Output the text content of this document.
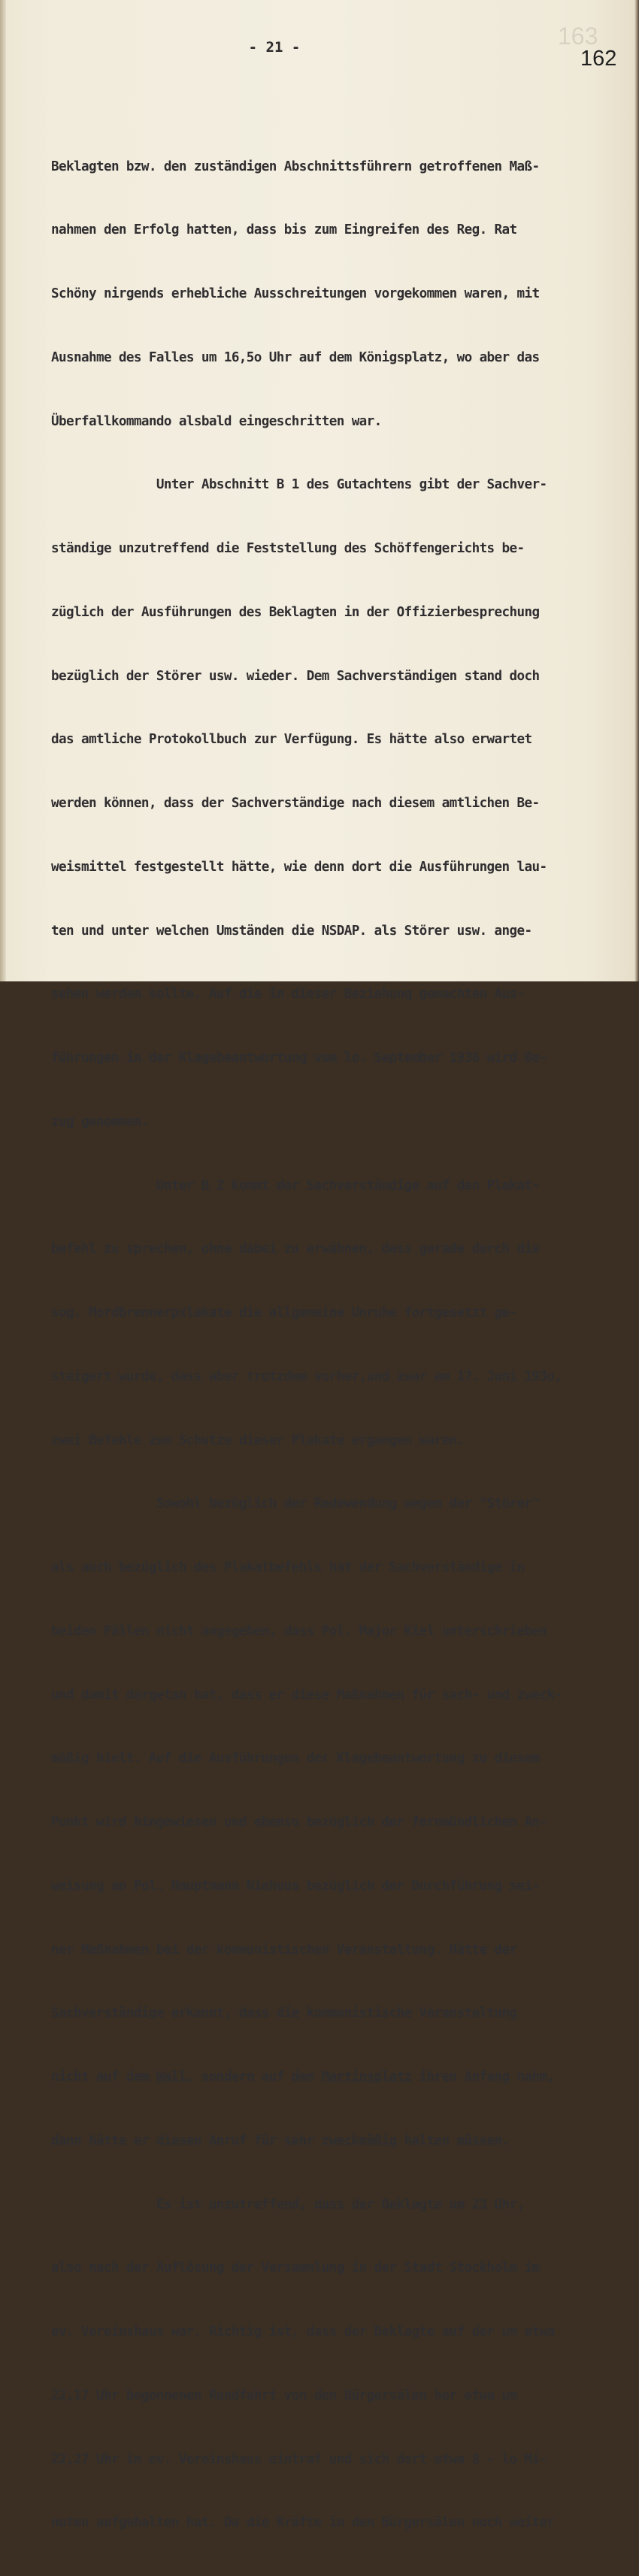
163
- 21 -	162

Beklagten bzw. den zuständigen Abschnittsführern getroffenen Maß-

nahmen den Erfolg hatten, dass bis zum Eingreifen des Reg. Rat

Schöny nirgends erhebliche Ausschreitungen vorgekommen waren, mit

Ausnahme des Falles um 16,5o Uhr auf dem Königsplatz, wo aber das

Überfallkommando alsbald eingeschritten war.

Unter Abschnitt B 1 des Gutachtens gibt der Sachver-

ständige unzutreffend die Feststellung des Schöffengerichts be-

züglich der Ausführungen des Beklagten in der Offizierbesprechung

bezüglich der Störer usw. wieder. Dem Sachverständigen stand doch

das amtliche Protokollbuch zur Verfügung. Es hätte also erwartet

werden können, dass der Sachverständige nach diesem amtlichen Be-

weismittel festgestellt hätte, wie denn dort die Ausführungen lau-

ten und unter welchen Umständen die NSDAP. als Störer usw. ange-

sehen werden sollte. Auf die in dieser Beziehung gemachten Aus-

führungen in der Klagebeantwortung vom lo. September 1936 wird Be-

zug genommen.

Unter B 2 kommt der Sachverständige auf den Plakat-

befehl zu sprechen, ohne dabei zu erwähnen, dass gerade durch die

sog. Mordbrennerpxlakate die allgemeine Unruhe fortgesetzt ge-

steigert wurde, dass aber trotzdem vorher,und zwar am 17. Juni 193o,

zwei Befehle zum Schutze dieser Plakate ergangen waren.

Sowohl bezüglich der Redewendung wegen der "Störer"

als auch bezüglich des Plakatbefehls hat der Sachverständige in

beiden Fällen nicht angegeben, dass Pol. Major Kiel unterschrieben

und damit dargetan hat, dass er diese Maßnahmen für sach- und zweck-

mäßig hielt. Auf die Ausführungen der Klagebeantwortung zu diesem

Punkt wird hingewiesen und ebenso bezüglich der fernmündlichen An-

weisung an Pol. Hauptmann Niehuus bezüglich der Durchführung sei-

ner Maßnahmen bei der kommunistischen Veranstaltung. Hätte der

Sachverständige erkannt, dass die kommunistische Veranstaltung

nicht auf dem Wall, sondern auf dem Martinsplatz ihren Anfang nahm,

dann hätte er diesen Anruf für sehr zweckmäßig halten müssen.

Es ist unzutreffend, dass der Beklagte um 23 Uhr,

also nach der Auflösung der Versammlung in der Stadt Stockholm im

ev. Vereinshaus war. Richtig ist, dass der Beklagte auf der um etwa

22,17 Uhr begonnenen Rundfahrt von den Bürgersälen her etwa um

22,27 Uhr im ev. Vereinshaus eintraf und sich dort etwa 8 - lo Mi-

nuten aufgehalten hat. Da die Kräfte in den Bürgersälen noch weiter
